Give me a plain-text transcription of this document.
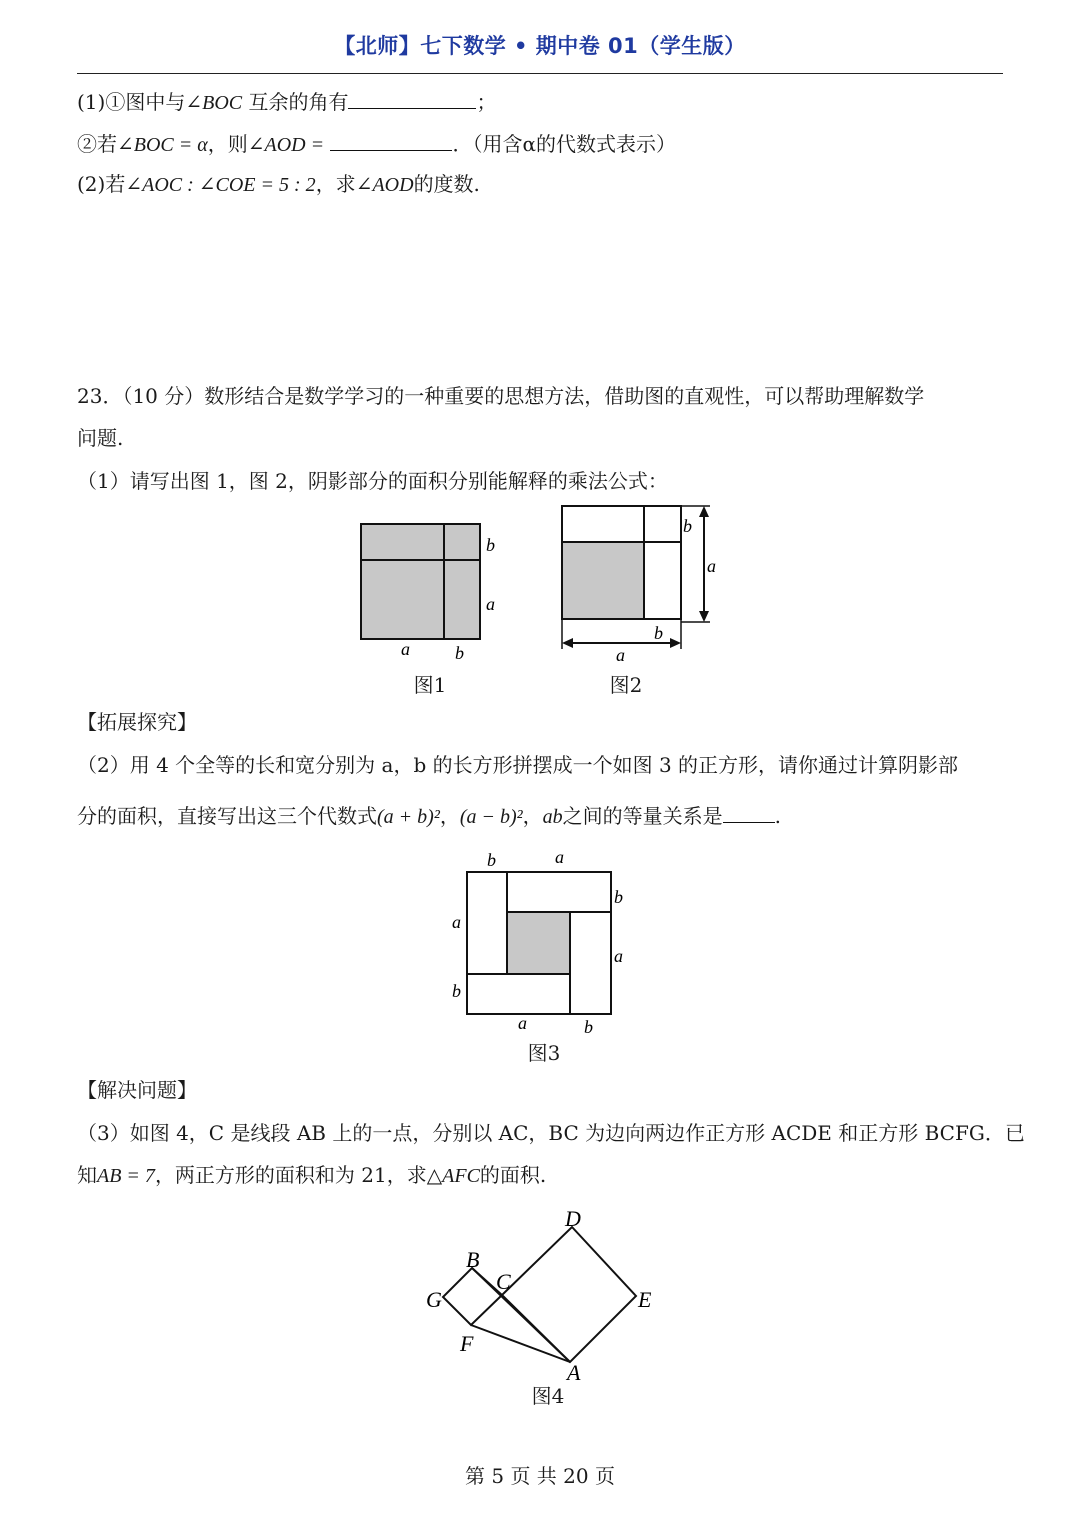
【北师】七下数学 • 期中卷 01（学生版）
(1)①图中与∠BOC 互余的角有	；
②若∠BOC = α，则∠AOD =	．（用含α的代数式表示）
(2)若∠AOC : ∠COE = 5 : 2，求∠AOD的度数.
23．（10 分）数形结合是数学学习的一种重要的思想方法，借助图的直观性，可以帮助理解数学
问题.
（1）请写出图 1，图 2，阴影部分的面积分别能解释的乘法公式：
b
a
a	b
图1
b
a
b
a
图2
【拓展探究】
（2）用 4 个全等的长和宽分别为 a，b 的长方形拼摆成一个如图 3 的正方形，请你通过计算阴影部
分的面积，直接写出这三个代数式(a + b)²，(a − b)²，ab之间的等量关系是	.
b	a
a
b
b
a
a	b
图3
【解决问题】
（3）如图 4，C 是线段 AB 上的一点，分别以 AC，BC 为边向两边作正方形 ACDE 和正方形 BCFG．已
知AB = 7，两正方形的面积和为 21，求△AFC的面积.
D
B
C
G	E
F
A
图4
第 5 页 共 20 页
